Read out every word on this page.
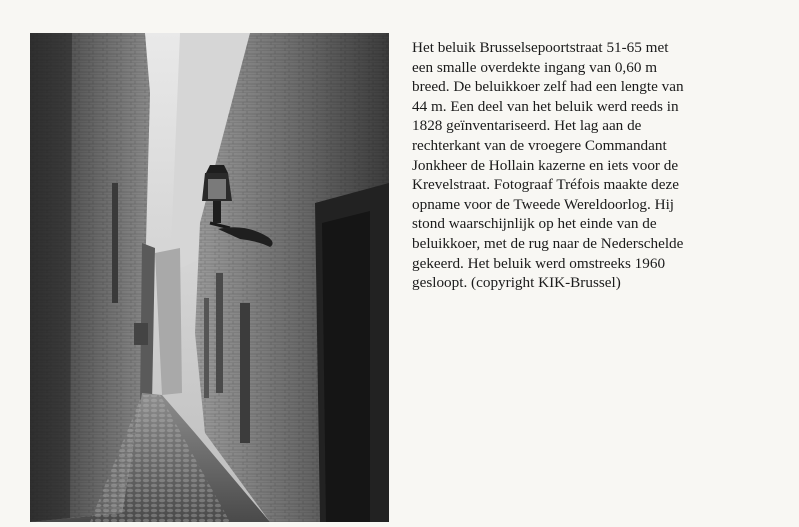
Het beluik Brusselsepoortstraat 51-65 met
een smalle overdekte ingang van 0,60 m
breed. De beluikkoer zelf had een lengte van
44 m. Een deel van het beluik werd reeds in
1828 geïnventariseerd. Het lag aan de
rechterkant van de vroegere Commandant
Jonkheer de Hollain kazerne en iets voor de
Krevelstraat. Fotograaf Tréfois maakte deze
opname voor de Tweede Wereldoorlog. Hij
stond waarschijnlijk op het einde van de
beluikkoer, met de rug naar de Nederschelde
gekeerd. Het beluik werd omstreeks 1960
gesloopt. (copyright KIK-Brussel)
